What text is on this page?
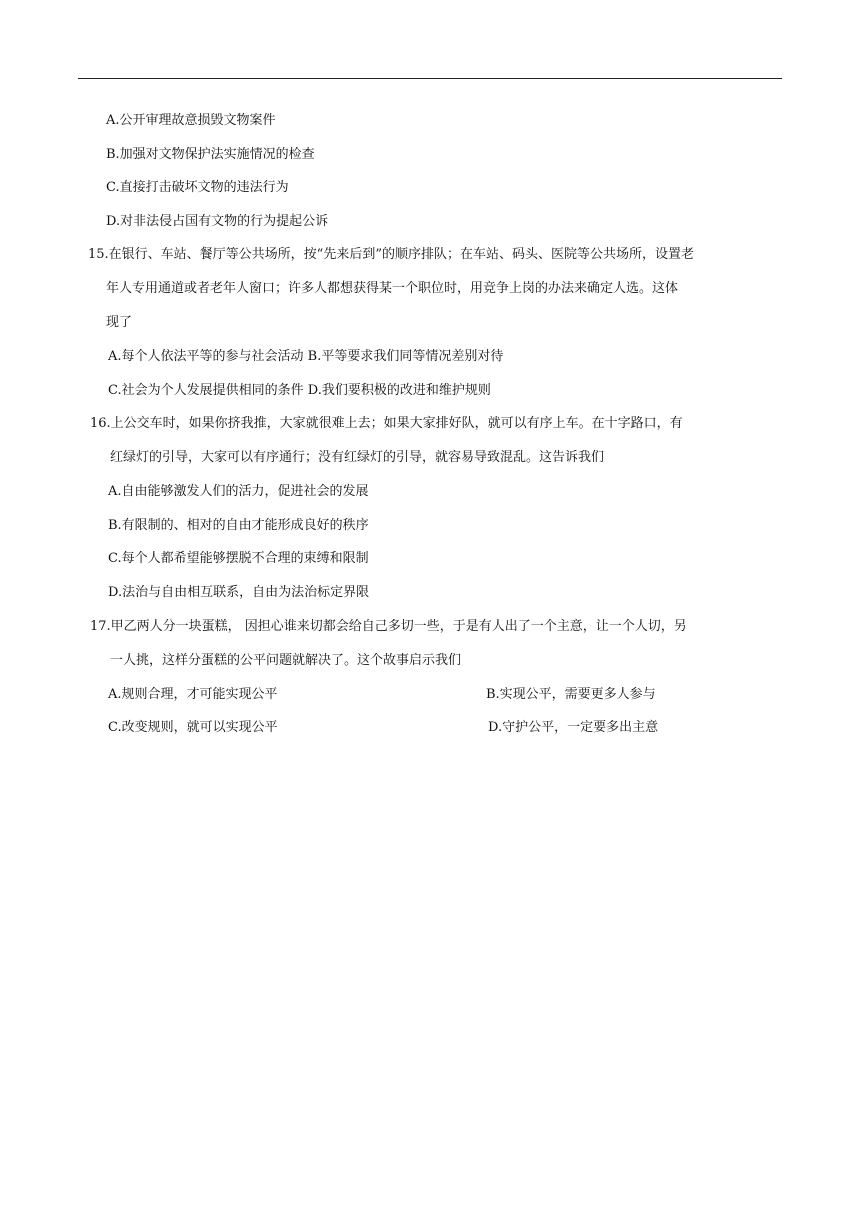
A.公开审理故意损毁文物案件
B.加强对文物保护法实施情况的检查
C.直接打击破坏文物的违法行为
D.对非法侵占国有文物的行为提起公诉
15.在银行、车站、餐厅等公共场所，按“先来后到”的顺序排队；在车站、码头、医院等公共场所，设置老
年人专用通道或者老年人窗口；许多人都想获得某一个职位时，用竞争上岗的办法来确定人选。这体
现了
A.每个人依法平等的参与社会活动 B.平等要求我们同等情况差别对待
C.社会为个人发展提供相同的条件 D.我们要积极的改进和维护规则
16.上公交车时，如果你挤我推，大家就很难上去；如果大家排好队，就可以有序上车。在十字路口，有
红绿灯的引导，大家可以有序通行；没有红绿灯的引导，就容易导致混乱。这告诉我们
A.自由能够激发人们的活力，促进社会的发展
B.有限制的、相对的自由才能形成良好的秩序
C.每个人都希望能够摆脱不合理的束缚和限制
D.法治与自由相互联系，自由为法治标定界限
17.甲乙两人分一块蛋糕， 因担心谁来切都会给自己多切一些，于是有人出了一个主意，让一个人切，另
一人挑，这样分蛋糕的公平问题就解决了。这个故事启示我们
A.规则合理，才可能实现公平	B.实现公平，需要更多人参与
C.改变规则，就可以实现公平	D.守护公平，一定要多出主意
